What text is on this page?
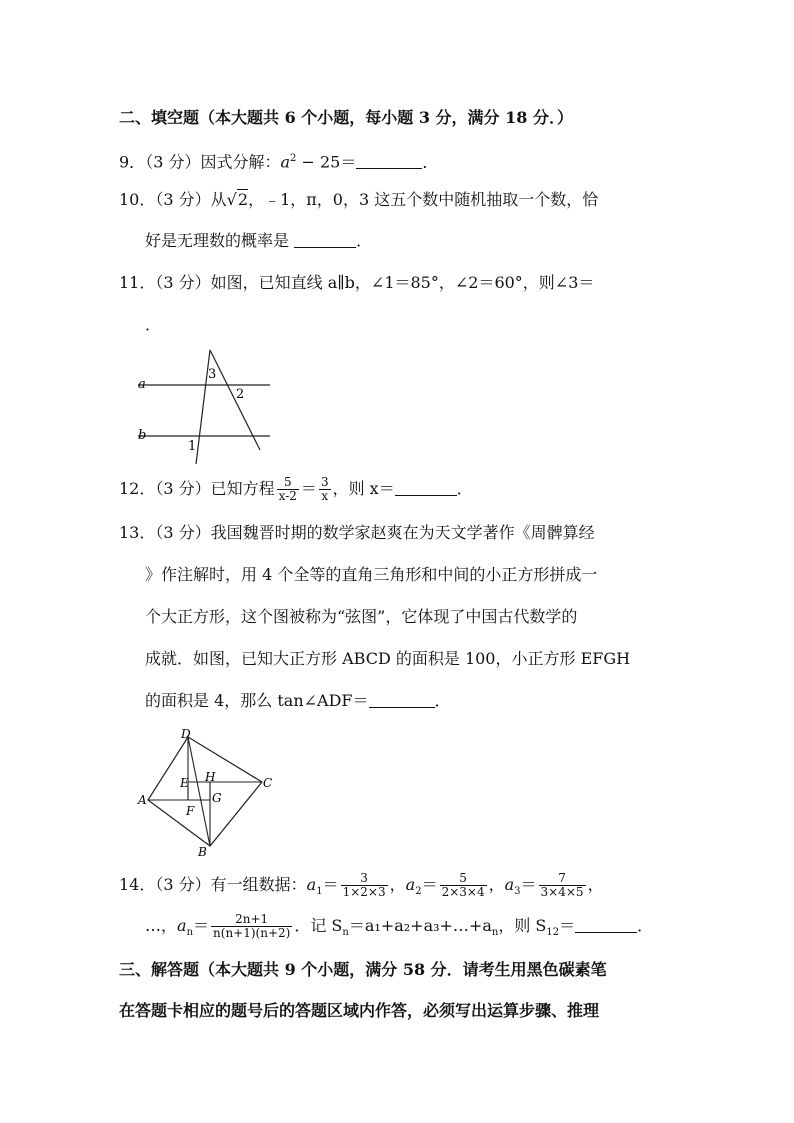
二、填空题（本大题共 6 个小题，每小题 3 分，满分 18 分．）
9．（3 分）因式分解：$a^2 - 25=$	．
10．（3 分）从√2，﹣1，π，0，3 这五个数中随机抽取一个数，恰
好是无理数的概率是	．
11．（3 分）如图，已知直线 a∥b，∠1＝85°，∠2＝60°，则∠3＝
．
a
b
1
2
3
12．（3 分）已知方程 $\frac{5}{x-2} = \frac{3}{x}$ ，则 x＝	．
13．（3 分）我国魏晋时期的数学家赵爽在为天文学著作《周髀算经
》作注解时，用 4 个全等的直角三角形和中间的小正方形拼成一
个大正方形，这个图被称为“弦图”，它体现了中国古代数学的
成就．如图，已知大正方形 ABCD 的面积是 100，小正方形 EFGH
的面积是 4，那么 tan∠ADF＝	．
D
C
A
B
E H
G
F
14．（3 分）有一组数据：$a_1= \frac{3}{1\times 2\times 3}$ ，$a_2= \frac{5}{2\times 3\times 4}$ ，$a_3= \frac{7}{3\times 4\times 5}$ ，
…，$a_n= \frac{2n+1}{n(n+1)(n+2)}$ ．记 $S_n=a_1+a_2+a_3+\dots+a_n$，则 $S_{12}=$	．
三、解答题（本大题共 9 个小题，满分 58 分．请考生用黑色碳素笔
在答题卡相应的题号后的答题区域内作答，必须写出运算步骤、推理
